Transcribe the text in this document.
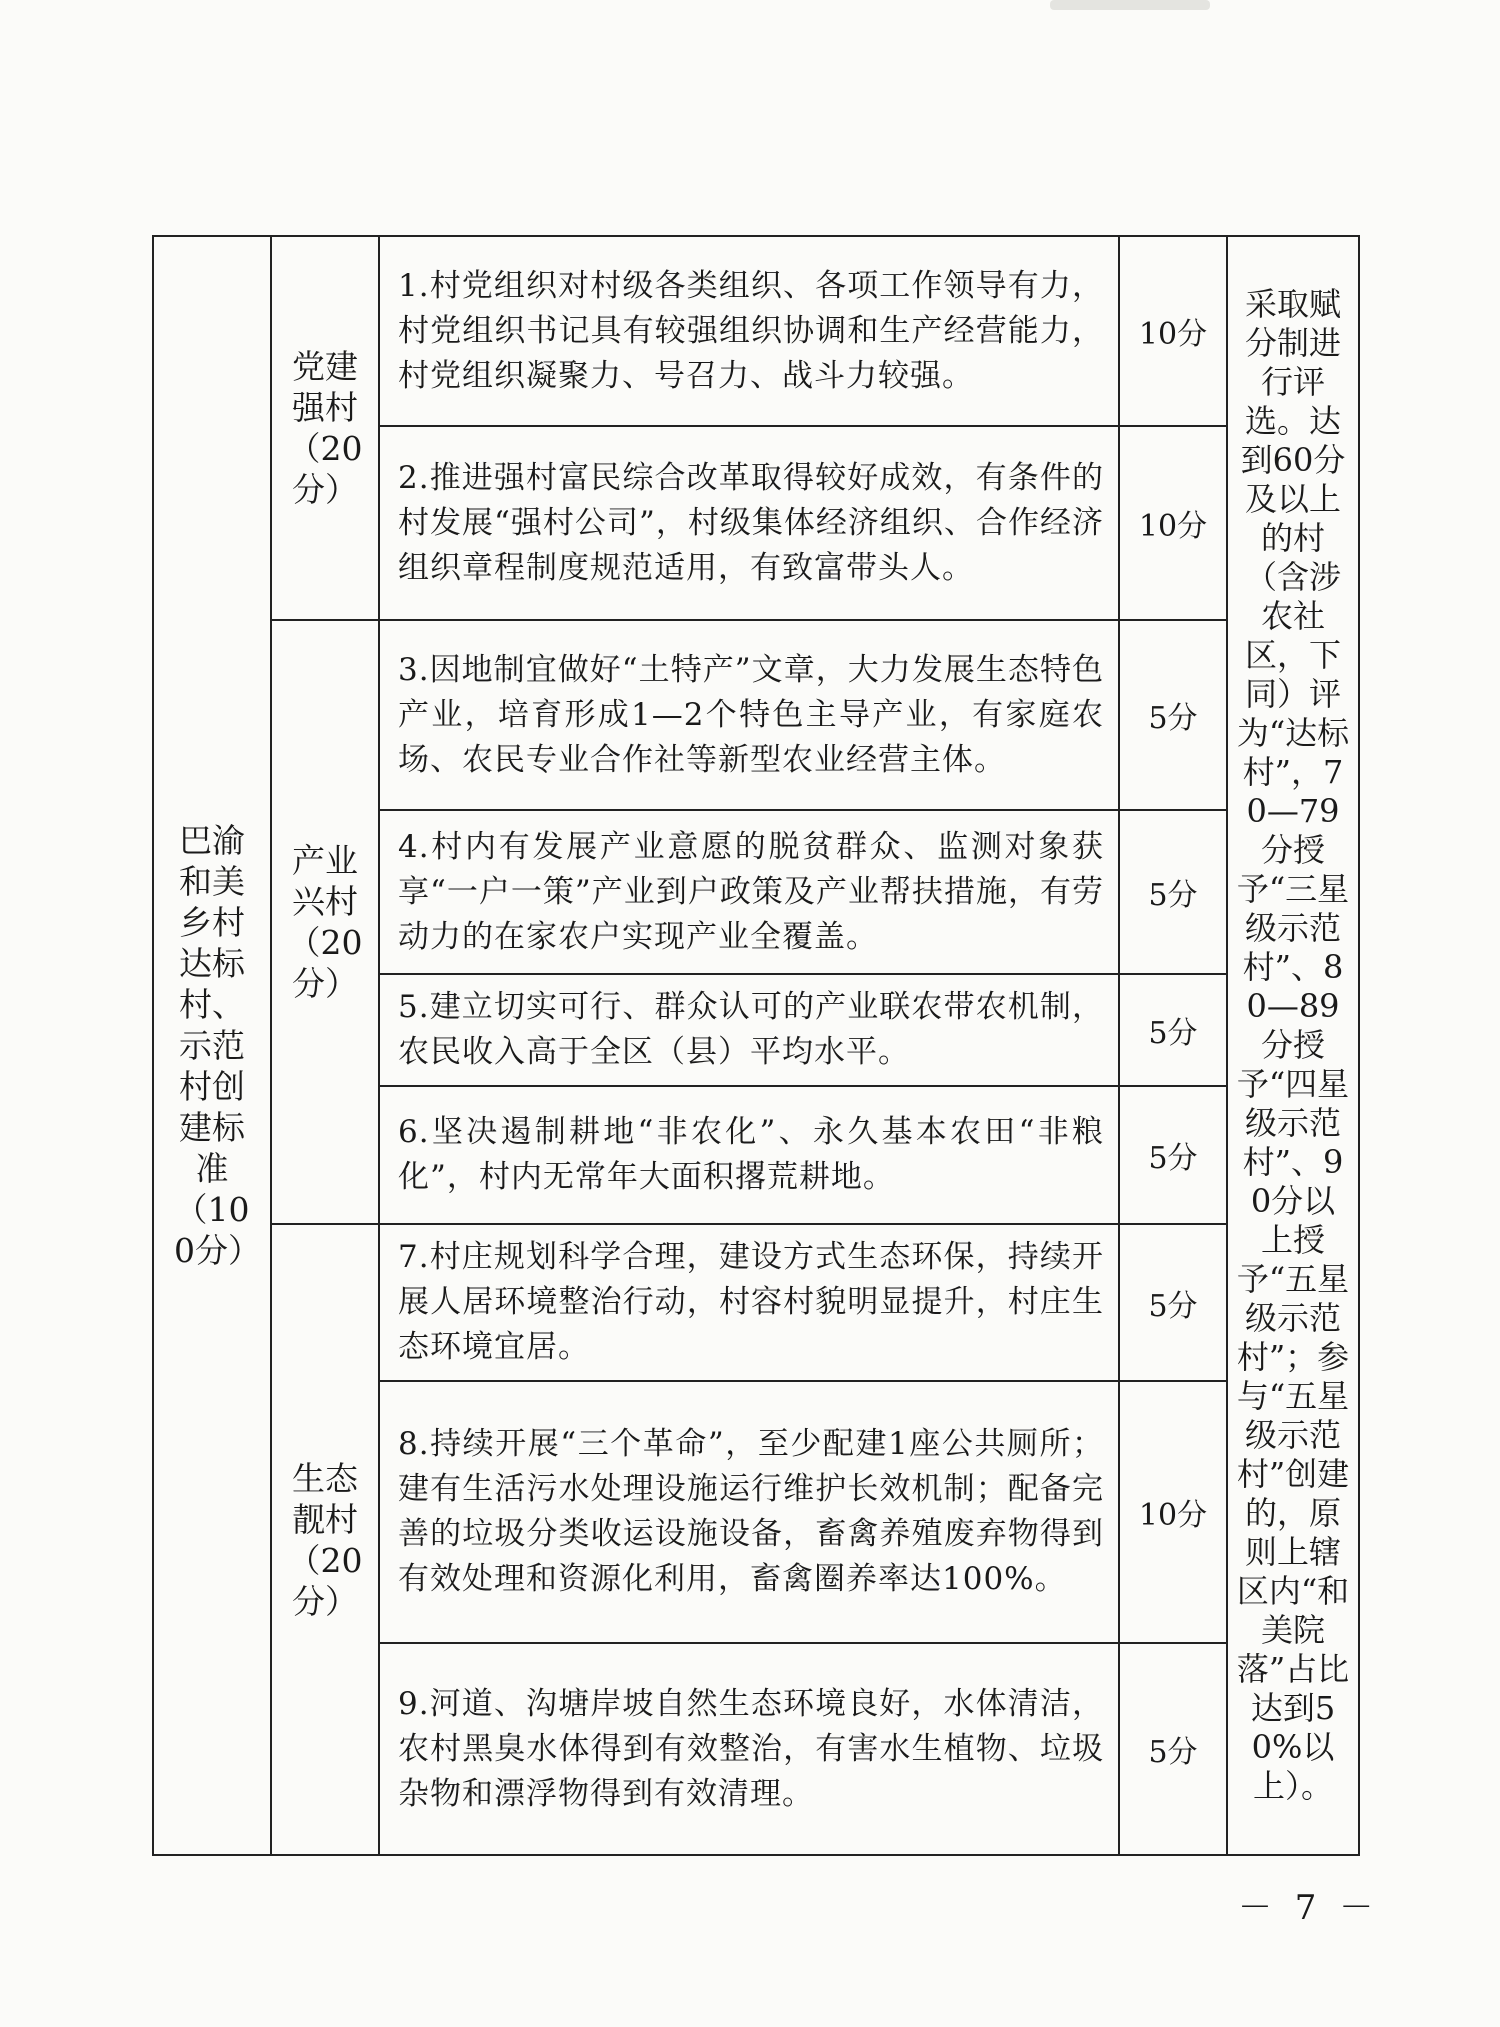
巴渝和美乡村达标村、示范村创建标准（100分）	党建强村（20分）	1.村党组织对村级各类组织、各项工作领导有力，村党组织书记具有较强组织协调和生产经营能力，村党组织凝聚力、号召力、战斗力较强。	10分	采取赋分制进行评选。达到60分及以上的村（含涉农社区，下同）评为“达标村”，70—79分授予“三星级示范村”、80—89分授予“四星级示范村”、90分以上授予“五星级示范村”；参与“五星级示范村”创建的，原则上辖区内“和美院落”占比达到50%以上）。

		2.推进强村富民综合改革取得较好成效，有条件的村发展“强村公司”，村级集体经济组织、合作经济组织章程制度规范适用，有致富带头人。	10分	

	产业兴村（20分）	3.因地制宜做好“土特产”文章，大力发展生态特色产业，培育形成1—2个特色主导产业，有家庭农场、农民专业合作社等新型农业经营主体。	5分	

		4.村内有发展产业意愿的脱贫群众、监测对象获享“一户一策”产业到户政策及产业帮扶措施，有劳动力的在家农户实现产业全覆盖。	5分	

		5.建立切实可行、群众认可的产业联农带农机制，农民收入高于全区（县）平均水平。	5分	

		6.坚决遏制耕地“非农化”、永久基本农田“非粮化”，村内无常年大面积撂荒耕地。	5分	

	生态靓村（20分）	7.村庄规划科学合理，建设方式生态环保，持续开展人居环境整治行动，村容村貌明显提升，村庄生态环境宜居。	5分	

		8.持续开展“三个革命”，至少配建1座公共厕所；建有生活污水处理设施运行维护长效机制；配备完善的垃圾分类收运设施设备，畜禽养殖废弃物得到有效处理和资源化利用，畜禽圈养率达100%。	10分	

		9.河道、沟塘岸坡自然生态环境良好，水体清洁，农村黑臭水体得到有效整治，有害水生植物、垃圾杂物和漂浮物得到有效清理。	5分	
－ 7 －
